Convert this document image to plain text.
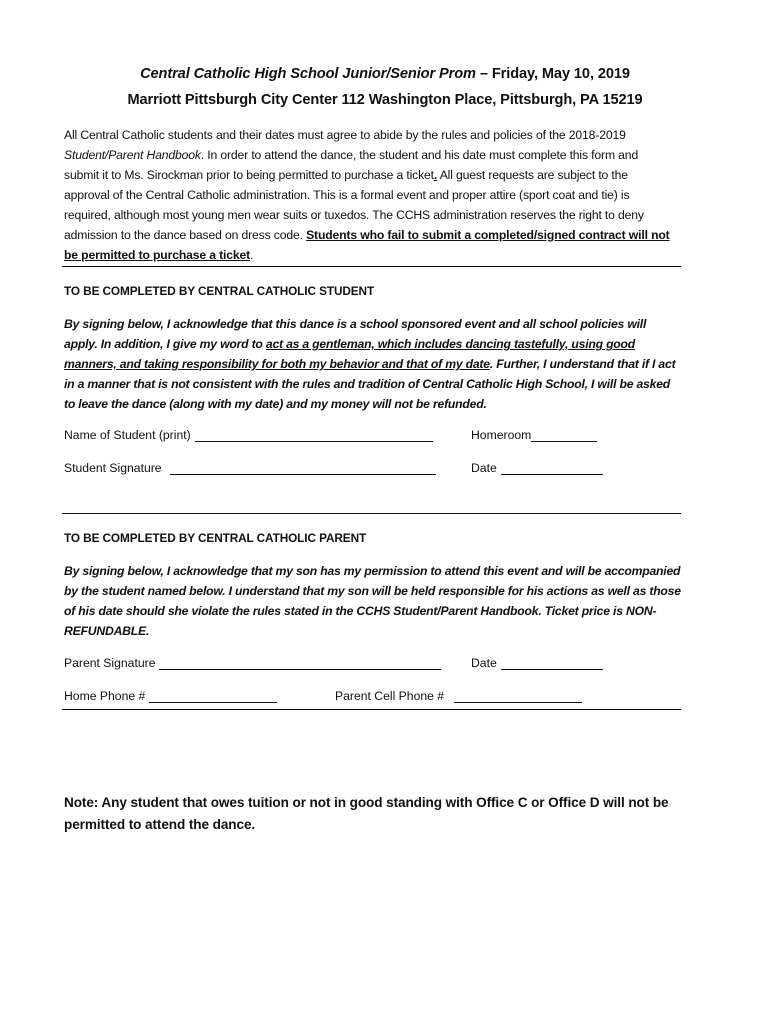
Central Catholic High School Junior/Senior Prom – Friday, May 10, 2019
Marriott Pittsburgh City Center 112 Washington Place, Pittsburgh, PA 15219
All Central Catholic students and their dates must agree to abide by the rules and policies of the 2018-2019 Student/Parent Handbook. In order to attend the dance, the student and his date must complete this form and submit it to Ms. Sirockman prior to being permitted to purchase a ticket. All guest requests are subject to the approval of the Central Catholic administration. This is a formal event and proper attire (sport coat and tie) is required, although most young men wear suits or tuxedos. The CCHS administration reserves the right to deny admission to the dance based on dress code. Students who fail to submit a completed/signed contract will not be permitted to purchase a ticket.
TO BE COMPLETED BY CENTRAL CATHOLIC STUDENT
By signing below, I acknowledge that this dance is a school sponsored event and all school policies will apply. In addition, I give my word to act as a gentleman, which includes dancing tastefully, using good manners, and taking responsibility for both my behavior and that of my date. Further, I understand that if I act in a manner that is not consistent with the rules and tradition of Central Catholic High School, I will be asked to leave the dance (along with my date) and my money will not be refunded.
Name of Student (print)	Homeroom
Student Signature	Date
TO BE COMPLETED BY CENTRAL CATHOLIC PARENT
By signing below, I acknowledge that my son has my permission to attend this event and will be accompanied by the student named below. I understand that my son will be held responsible for his actions as well as those of his date should she violate the rules stated in the CCHS Student/Parent Handbook. Ticket price is NON-REFUNDABLE.
Parent Signature	Date
Home Phone #	Parent Cell Phone #
Note: Any student that owes tuition or not in good standing with Office C or Office D will not be permitted to attend the dance.
